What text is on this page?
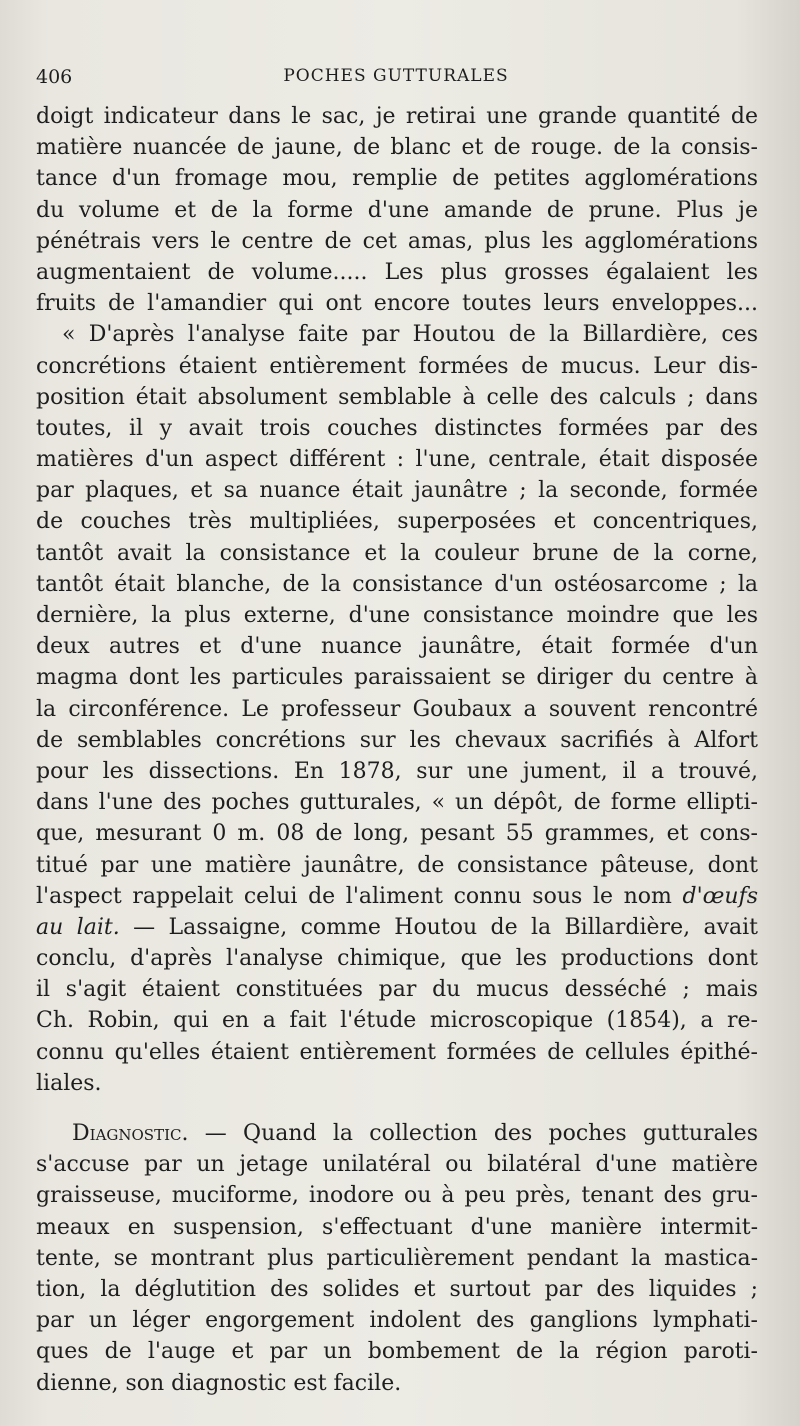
406	POCHES GUTTURALES
doigt indicateur dans le sac, je retirai une grande quantité de
matière nuancée de jaune, de blanc et de rouge. de la consis-
tance d'un fromage mou, remplie de petites agglomérations
du volume et de la forme d'une amande de prune. Plus je
pénétrais vers le centre de cet amas, plus les agglomérations
augmentaient de volume..... Les plus grosses égalaient les
fruits de l'amandier qui ont encore toutes leurs enveloppes...
« D'après l'analyse faite par Houtou de la Billardière, ces
concrétions étaient entièrement formées de mucus. Leur dis-
position était absolument semblable à celle des calculs ; dans
toutes, il y avait trois couches distinctes formées par des
matières d'un aspect différent : l'une, centrale, était disposée
par plaques, et sa nuance était jaunâtre ; la seconde, formée
de couches très multipliées, superposées et concentriques,
tantôt avait la consistance et la couleur brune de la corne,
tantôt était blanche, de la consistance d'un ostéosarcome ; la
dernière, la plus externe, d'une consistance moindre que les
deux autres et d'une nuance jaunâtre, était formée d'un
magma dont les particules paraissaient se diriger du centre à
la circonférence. Le professeur Goubaux a souvent rencontré
de semblables concrétions sur les chevaux sacrifiés à Alfort
pour les dissections. En 1878, sur une jument, il a trouvé,
dans l'une des poches gutturales, « un dépôt, de forme ellipti-
que, mesurant 0 m. 08 de long, pesant 55 grammes, et cons-
titué par une matière jaunâtre, de consistance pâteuse, dont
l'aspect rappelait celui de l'aliment connu sous le nom d'œufs
au lait. — Lassaigne, comme Houtou de la Billardière, avait
conclu, d'après l'analyse chimique, que les productions dont
il s'agit étaient constituées par du mucus desséché ; mais
Ch. Robin, qui en a fait l'étude microscopique (1854), a re-
connu qu'elles étaient entièrement formées de cellules épithé-
liales.
Diagnostic. — Quand la collection des poches gutturales
s'accuse par un jetage unilatéral ou bilatéral d'une matière
graisseuse, muciforme, inodore ou à peu près, tenant des gru-
meaux en suspension, s'effectuant d'une manière intermit-
tente, se montrant plus particulièrement pendant la mastica-
tion, la déglutition des solides et surtout par des liquides ;
par un léger engorgement indolent des ganglions lymphati-
ques de l'auge et par un bombement de la région paroti-
dienne, son diagnostic est facile.
